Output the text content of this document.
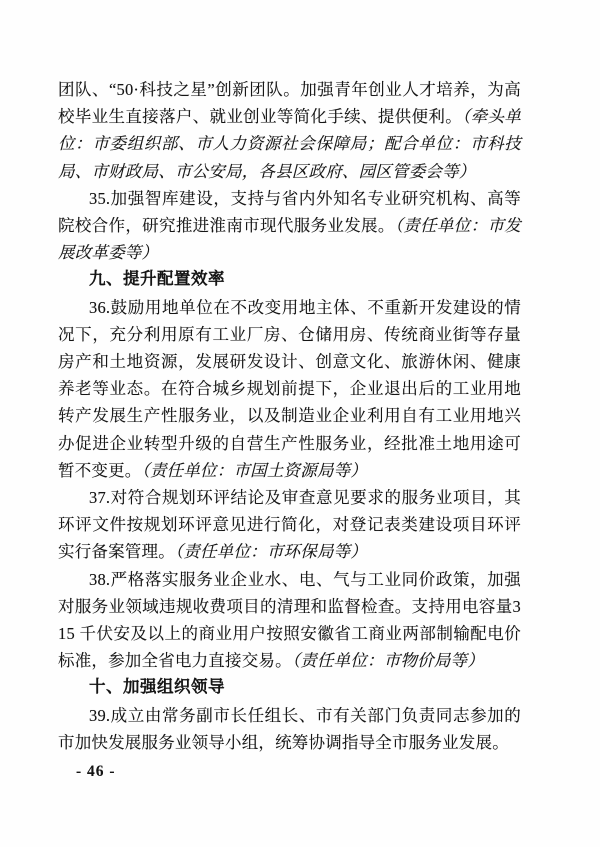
团队、“50·科技之星”创新团队。加强青年创业人才培养，为高校毕业生直接落户、就业创业等简化手续、提供便利。（牵头单位：市委组织部、市人力资源社会保障局；配合单位：市科技局、市财政局、市公安局，各县区政府、园区管委会等）

35.加强智库建设，支持与省内外知名专业研究机构、高等院校合作，研究推进淮南市现代服务业发展。（责任单位：市发展改革委等）

九、提升配置效率

36.鼓励用地单位在不改变用地主体、不重新开发建设的情况下，充分利用原有工业厂房、仓储用房、传统商业街等存量房产和土地资源，发展研发设计、创意文化、旅游休闲、健康养老等业态。在符合城乡规划前提下，企业退出后的工业用地转产发展生产性服务业，以及制造业企业利用自有工业用地兴办促进企业转型升级的自营生产性服务业，经批准土地用途可暂不变更。（责任单位：市国土资源局等）

37.对符合规划环评结论及审查意见要求的服务业项目，其环评文件按规划环评意见进行简化，对登记表类建设项目环评实行备案管理。（责任单位：市环保局等）

38.严格落实服务业企业水、电、气与工业同价政策，加强对服务业领域违规收费项目的清理和监督检查。支持用电容量315 千伏安及以上的商业用户按照安徽省工商业两部制输配电价标准，参加全省电力直接交易。（责任单位：市物价局等）

十、加强组织领导

39.成立由常务副市长任组长、市有关部门负责同志参加的市加快发展服务业领导小组，统筹协调指导全市服务业发展。

- 46 -
